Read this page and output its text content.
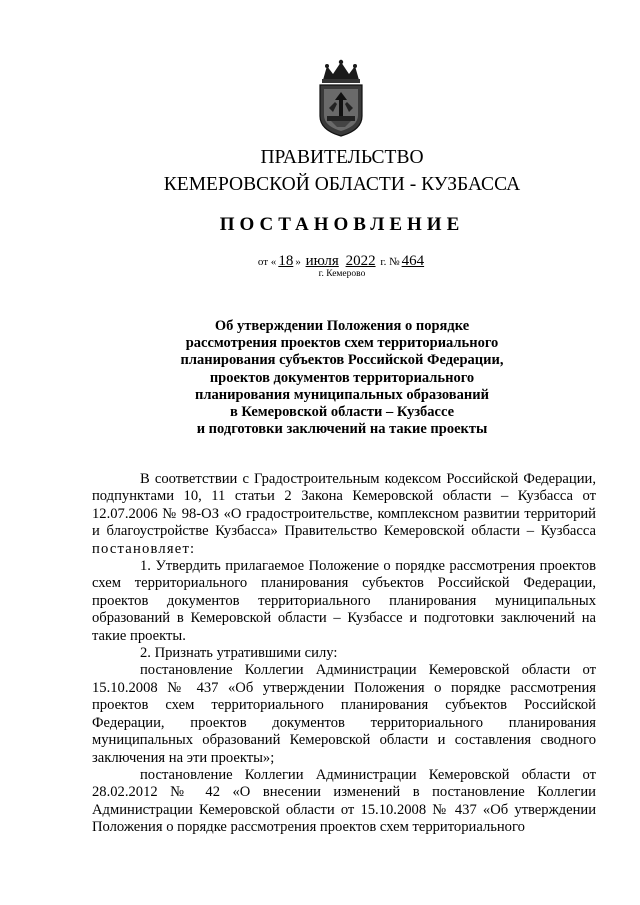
ПРАВИТЕЛЬСТВО
КЕМЕРОВСКОЙ ОБЛАСТИ - КУЗБАССА
ПОСТАНОВЛЕНИЕ
от « 18 » июля 2022 г. № 464
г. Кемерово
Об утверждении Положения о порядке
рассмотрения проектов схем территориального
планирования субъектов Российской Федерации,
проектов документов территориального
планирования муниципальных образований
в Кемеровской области – Кузбассе
и подготовки заключений на такие проекты

В соответствии с Градостроительным кодексом Российской Федерации, подпунктами 10, 11 статьи 2 Закона Кемеровской области – Кузбасса от 12.07.2006 № 98-ОЗ «О градостроительстве, комплексном развитии территорий и благоустройстве Кузбасса» Правительство Кемеровской области – Кузбасса постановляет:

1. Утвердить прилагаемое Положение о порядке рассмотрения проектов схем территориального планирования субъектов Российской Федерации, проектов документов территориального планирования муниципальных образований в Кемеровской области – Кузбассе и подготовки заключений на такие проекты.

2. Признать утратившими силу:

постановление Коллегии Администрации Кемеровской области от 15.10.2008 № 437 «Об утверждении Положения о порядке рассмотрения проектов схем территориального планирования субъектов Российской Федерации, проектов документов территориального планирования муниципальных образований Кемеровской области и составления сводного заключения на эти проекты»;

постановление Коллегии Администрации Кемеровской области от 28.02.2012 № 42 «О внесении изменений в постановление Коллегии Администрации Кемеровской области от 15.10.2008 № 437 «Об утверждении Положения о порядке рассмотрения проектов схем территориального
